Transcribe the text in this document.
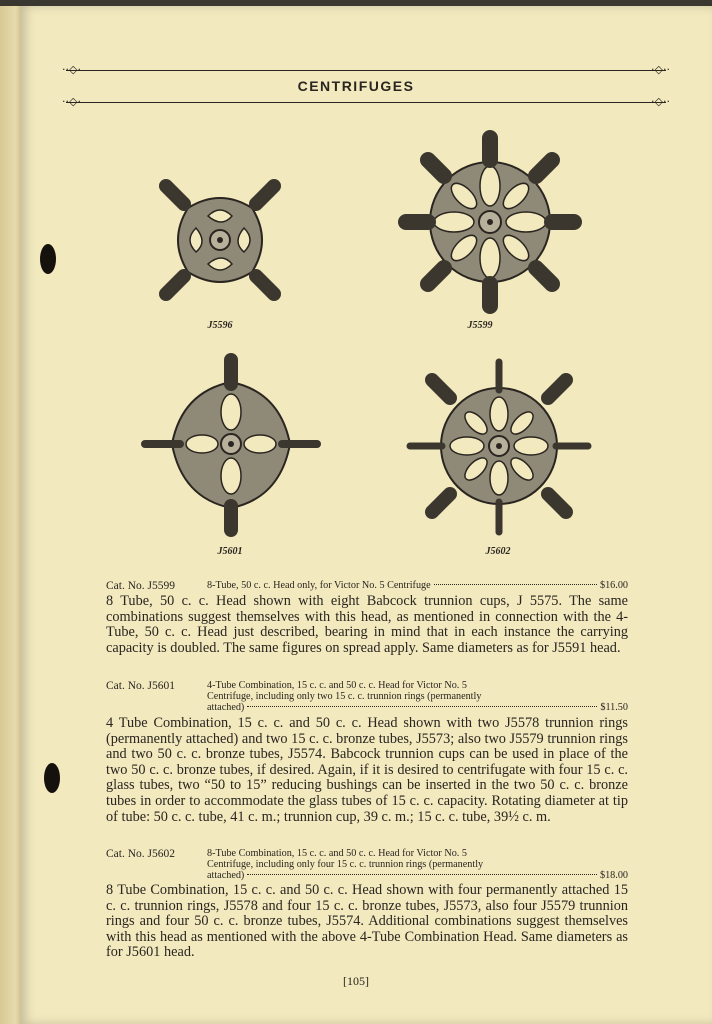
··◇·	·◇··
CENTRIFUGES
··◇·	·◇··
J5596	J5599
J5601	J5602
Cat. No. J5599	8-Tube, 50 c. c. Head only, for Victor No. 5 Centrifuge	$16.00
8 Tube, 50 c. c. Head shown with eight Babcock trunnion cups, J 5575. The same combinations suggest themselves with this head, as mentioned in connection with the 4-Tube, 50 c. c. Head just described, bearing in mind that in each instance the carrying capacity is doubled. The same figures on spread apply. Same diameters as for J5591 head.
Cat. No. J5601	4-Tube Combination, 15 c. c. and 50 c. c. Head for Victor No. 5
Centrifuge, including only two 15 c. c. trunnion rings (permanently
attached)	$11.50
4 Tube Combination, 15 c. c. and 50 c. c. Head shown with two J5578 trunnion rings (permanently attached) and two 15 c. c. bronze tubes, J5573; also two J5579 trunnion rings and two 50 c. c. bronze tubes, J5574. Babcock trunnion cups can be used in place of the two 50 c. c. bronze tubes, if desired. Again, if it is desired to centrifugate with four 15 c. c. glass tubes, two “50 to 15” reducing bushings can be inserted in the two 50 c. c. bronze tubes in order to accommodate the glass tubes of 15 c. c. capacity. Rotating diameter at tip of tube: 50 c. c. tube, 41 c. m.; trunnion cup, 39 c. m.; 15 c. c. tube, 39½ c. m.
Cat. No. J5602	8-Tube Combination, 15 c. c. and 50 c. c. Head for Victor No. 5
Centrifuge, including only four 15 c. c. trunnion rings (permanently
attached)	$18.00
8 Tube Combination, 15 c. c. and 50 c. c. Head shown with four permanently attached 15 c. c. trunnion rings, J5578 and four 15 c. c. bronze tubes, J5573, also four J5579 trunnion rings and four 50 c. c. bronze tubes, J5574. Additional combinations suggest themselves with this head as mentioned with the above 4-Tube Combination Head. Same diameters as for J5601 head.
[105]
